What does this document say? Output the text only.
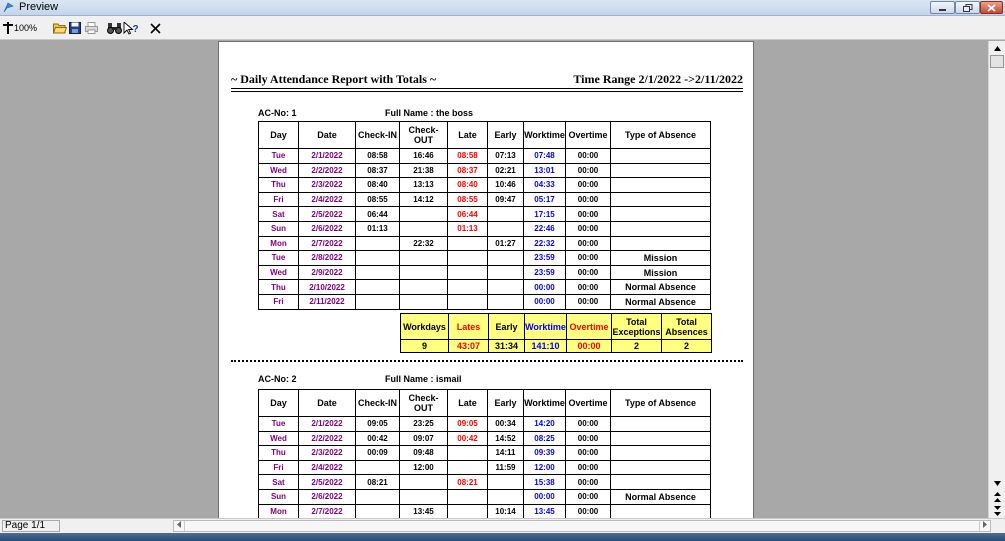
Preview
100%	?
~ Daily Attendance Report with Totals ~	Time Range 2/1/2022 ->2/11/2022
AC-No: 1	Full Name : the boss
Day	Date	Check-IN	Check-OUT	Late	Early	Worktime	Overtime	Type of Absence
Tue	2/1/2022	08:58	16:46	08:58	07:13	07:48	00:00	
Wed	2/2/2022	08:37	21:38	08:37	02:21	13:01	00:00	
Thu	2/3/2022	08:40	13:13	08:40	10:46	04:33	00:00	
Fri	2/4/2022	08:55	14:12	08:55	09:47	05:17	00:00	
Sat	2/5/2022	06:44		06:44		17:15	00:00	
Sun	2/6/2022	01:13		01:13		22:46	00:00	
Mon	2/7/2022		22:32		01:27	22:32	00:00	
Tue	2/8/2022					23:59	00:00	Mission
Wed	2/9/2022					23:59	00:00	Mission
Thu	2/10/2022					00:00	00:00	Normal Absence
Fri	2/11/2022					00:00	00:00	Normal Absence
Workdays	Lates	Early	Worktime	Overtime	Total Exceptions	Total Absences
9	43:07	31:34	141:10	00:00	2	2
AC-No: 2	Full Name : ismail
Day	Date	Check-IN	Check-OUT	Late	Early	Worktime	Overtime	Type of Absence
Tue	2/1/2022	09:05	23:25	09:05	00:34	14:20	00:00	
Wed	2/2/2022	00:42	09:07	00:42	14:52	08:25	00:00	
Thu	2/3/2022	00:09	09:48		14:11	09:39	00:00	
Fri	2/4/2022		12:00		11:59	12:00	00:00	
Sat	2/5/2022	08:21		08:21		15:38	00:00	
Sun	2/6/2022					00:00	00:00	Normal Absence
Mon	2/7/2022		13:45		10:14	13:45	00:00	
Page 1/1
